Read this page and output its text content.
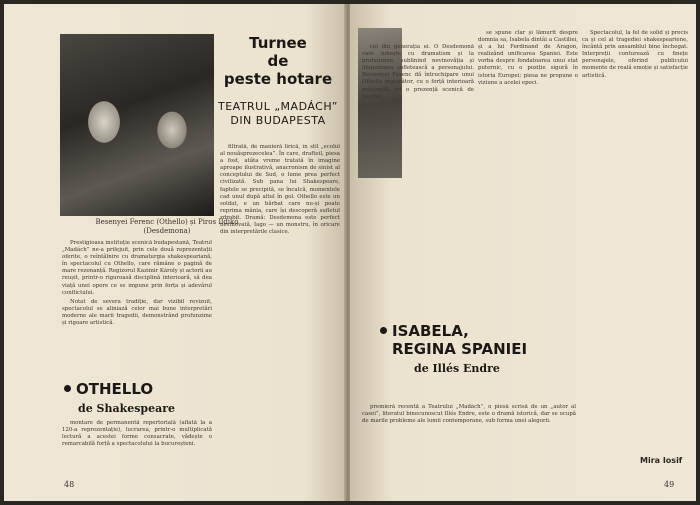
Besenyei Ferenc (Othello) și Piros Ildikó (Desdemona)
Turnee
de
peste hotare
TEATRUL „MADÁCH”
DIN BUDAPESTA

filtrată, de manieră lirică, în stil „ecolul al nouăsprezecelea”. În care, drafteil, piesa a fost, atâta vreme tratată în imagine aproape ilustrativă, anacronism de sinist al conceptului de Sud, o lume prea perfect civilizată. Sub pana lui Shakespeare, faptele se precipită, se încalcă, momentele cad unul după altul în gol. Othello este un soldat, e un bărbat care nu-și poate reprima mânia, care își descoperă sufletul zdrobit. Dramă: Desdemona este perfect nevinovată, Iago — un monstru, în oricare din interpretările clasice.

Prestigioasa instituție scenică budapestană, Teatrul „Madách” ne-a prilejuit, prin cele două reprezentații oferite, o reîntâlnire cu dramaturgia shakespeariană, în spectacolul cu Othello, care rămâne o pagină de mare rezonanță. Regizorul Kazimir Károly și actorii au reușit, printr-o riguroasă disciplină interioară, să dea viață unei opere ce se impune prin forța și adevărul conflictului.

Notat de severa tradiție, dar vizibil revizuit, spectacolul se aliniază celor mai bune interpretări moderne ale marii tragedii, demonstrând profunzime și rigoare artistică.

OTHELLO
de Shakespeare

montare de permanentă repertorială (aflată la a 120-a reprezentație), lucrarea, printr-o multiplicată lectură a acestei forme consacrate, vădește o remarcabilă forță a spectacolului la bucureșteni.

48

cei din generația ei. O Desdemonă care iubește cu dramatism și la profunzime, sublinind nevinovăția și limpezimea sufletească a personajului. Bessenyei Ferenc dă întruchipare unui Othello impunător, cu o forță interioară neistovită, cu o prezență scenică de neuitat.

se spune clar și lămurit despre domnia sa, Isabela dintâi a Castiliei, și a lui Ferdinand de Aragon, realizând unificarea Spaniei. Este vorba despre fondatoarea unui stat puternic, cu o poziție sigură în istoria Europei; piesa ne propune o viziune a acelei epoci.

Spectacolul, la fel de solid și precis ca și cel al tragediei shakespeariene, încântă prin ansamblul bine închegat. Interpreții conturează cu finețe personajele, oferind publicului momente de reală emoție și satisfacție artistică.

ISABELA,
REGINA SPANIEI
de Illés Endre

premieră recentă a Teatrului „Madách”, o piesă scrisă de un „autor al casei”, literatul binecunoscut Illés Endre, este o dramă istorică, dar se ocupă de marile probleme ale lumii contemporane, sub forma unei alegorii.

Mira Iosif
49
